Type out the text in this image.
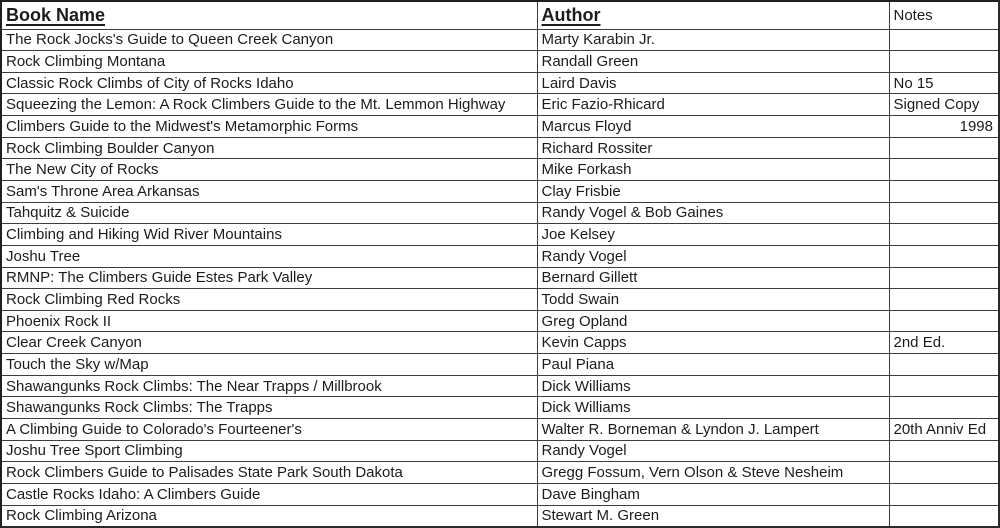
Book Name	Author	Notes
The Rock Jocks's Guide to Queen Creek Canyon	Marty Karabin Jr.	
Rock Climbing Montana	Randall Green	
Classic Rock Climbs of City of Rocks Idaho	Laird Davis	No 15
Squeezing the Lemon: A Rock Climbers Guide to the Mt. Lemmon Highway	Eric Fazio-Rhicard	Signed Copy
Climbers Guide to the Midwest's Metamorphic Forms	Marcus Floyd	1998
Rock Climbing Boulder Canyon	Richard Rossiter	
The New City of Rocks	Mike Forkash	
Sam's Throne Area Arkansas	Clay Frisbie	
Tahquitz & Suicide	Randy Vogel & Bob Gaines	
Climbing and Hiking Wid River Mountains	Joe Kelsey	
Joshu Tree	Randy Vogel	
RMNP: The Climbers Guide Estes Park Valley	Bernard Gillett	
Rock Climbing Red Rocks	Todd Swain	
Phoenix Rock II	Greg Opland	
Clear Creek Canyon	Kevin Capps	2nd Ed.
Touch the Sky w/Map	Paul Piana	
Shawangunks Rock Climbs: The Near Trapps / Millbrook	Dick Williams	
Shawangunks Rock Climbs: The Trapps	Dick Williams	
A Climbing Guide to Colorado's Fourteener's	Walter R. Borneman & Lyndon J. Lampert	20th Anniv Ed
Joshu Tree Sport Climbing	Randy Vogel	
Rock Climbers Guide to Palisades State Park South Dakota	Gregg Fossum, Vern Olson & Steve Nesheim	
Castle Rocks Idaho: A Climbers Guide	Dave Bingham	
Rock Climbing Arizona	Stewart M. Green	
